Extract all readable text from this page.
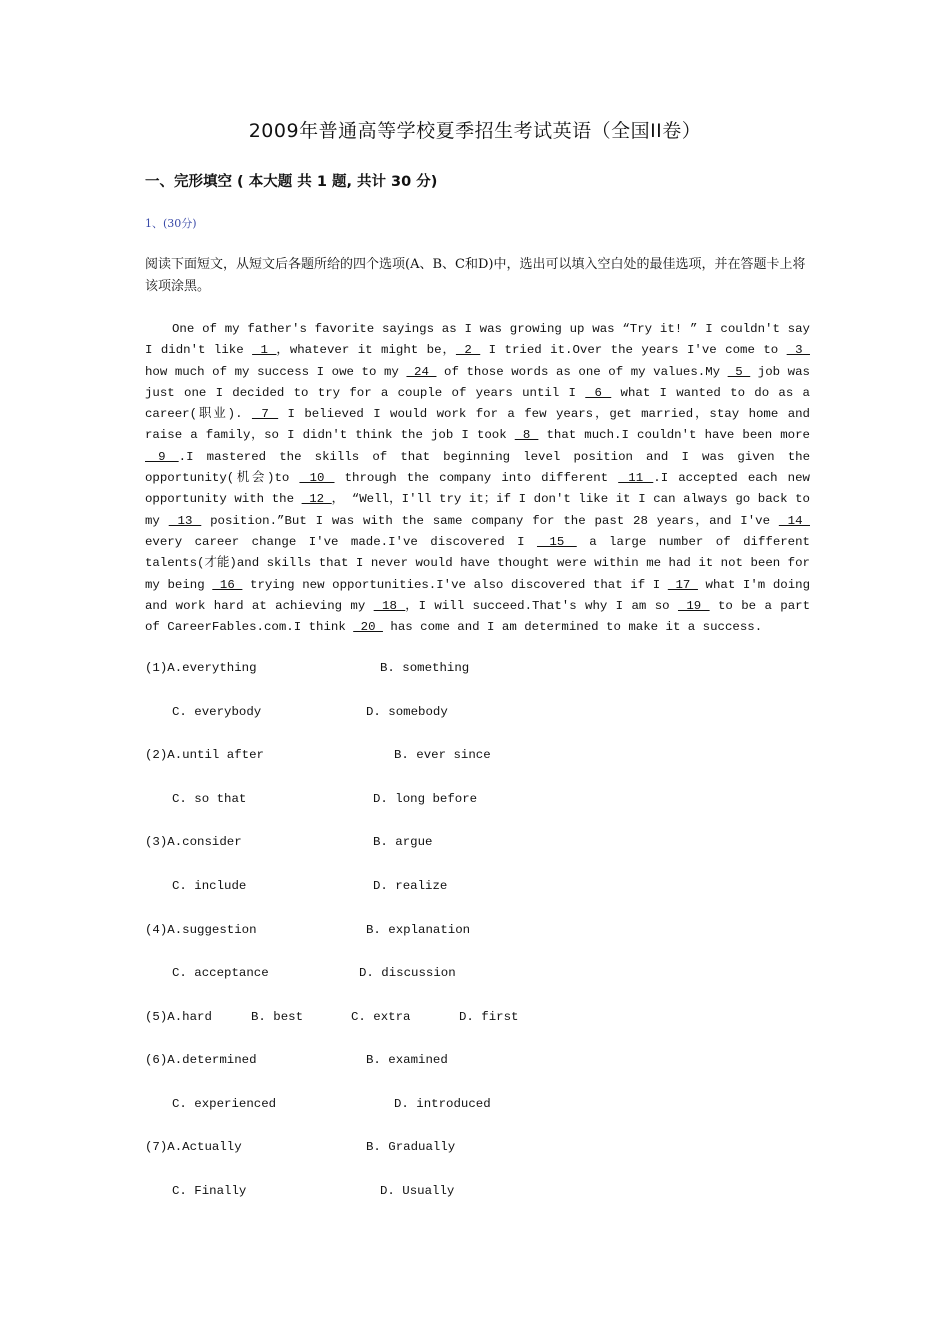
2009年普通高等学校夏季招生考试英语（全国II卷）
一、完形填空 ( 本大题 共 1 题, 共计 30 分)
1、(30分)
阅读下面短文，从短文后各题所给的四个选项(A、B、C和D)中，选出可以填入空白处的最佳选项，并在答题卡上将该项涂黑。

One of my father's favorite sayings as I was growing up was “Try it! ” I couldn't say I didn't like  1 ，whatever it might be， 2  I tried it.Over the years I've come to  3  how much of my success I owe to my  24  of those words as one of my values.My  5  job was just one I decided to try for a couple of years until I  6  what I wanted to do as a career(职业).  7  I believed I would work for a few years，get married，stay home and raise a family，so I didn't think the job I took  8  that much.I couldn't have been more  9 .I mastered the skills of that beginning level position and I was given the opportunity(机会)to  10  through the company into different  11 .I accepted each new opportunity with the  12 ， “Well，I'll try it；if I don't like it I can always go back to my  13  position.”But I was with the same company for the past 28 years，and I've  14  every career change I've made.I've discovered I  15  a large number of different talents(才能)and skills that I never would have thought were within me had it not been for my being  16  trying new opportunities.I've also discovered that if I  17  what I'm doing and work hard at achieving my  18 ，I will succeed.That's why I am so  19  to be a part of CareerFables.com.I think  20  has come and I am determined to make it a success.

(1)A.everything	B. something
C. everybody	D. somebody
(2)A.until after	B. ever since
C. so that	D. long before
(3)A.consider	B. argue
C. include	D. realize
(4)A.suggestion	B. explanation
C. acceptance	D. discussion
(5)A.hard	B. best	C. extra	D. first
(6)A.determined	B. examined
C. experienced	D. introduced
(7)A.Actually	B. Gradually
C. Finally	D. Usually
